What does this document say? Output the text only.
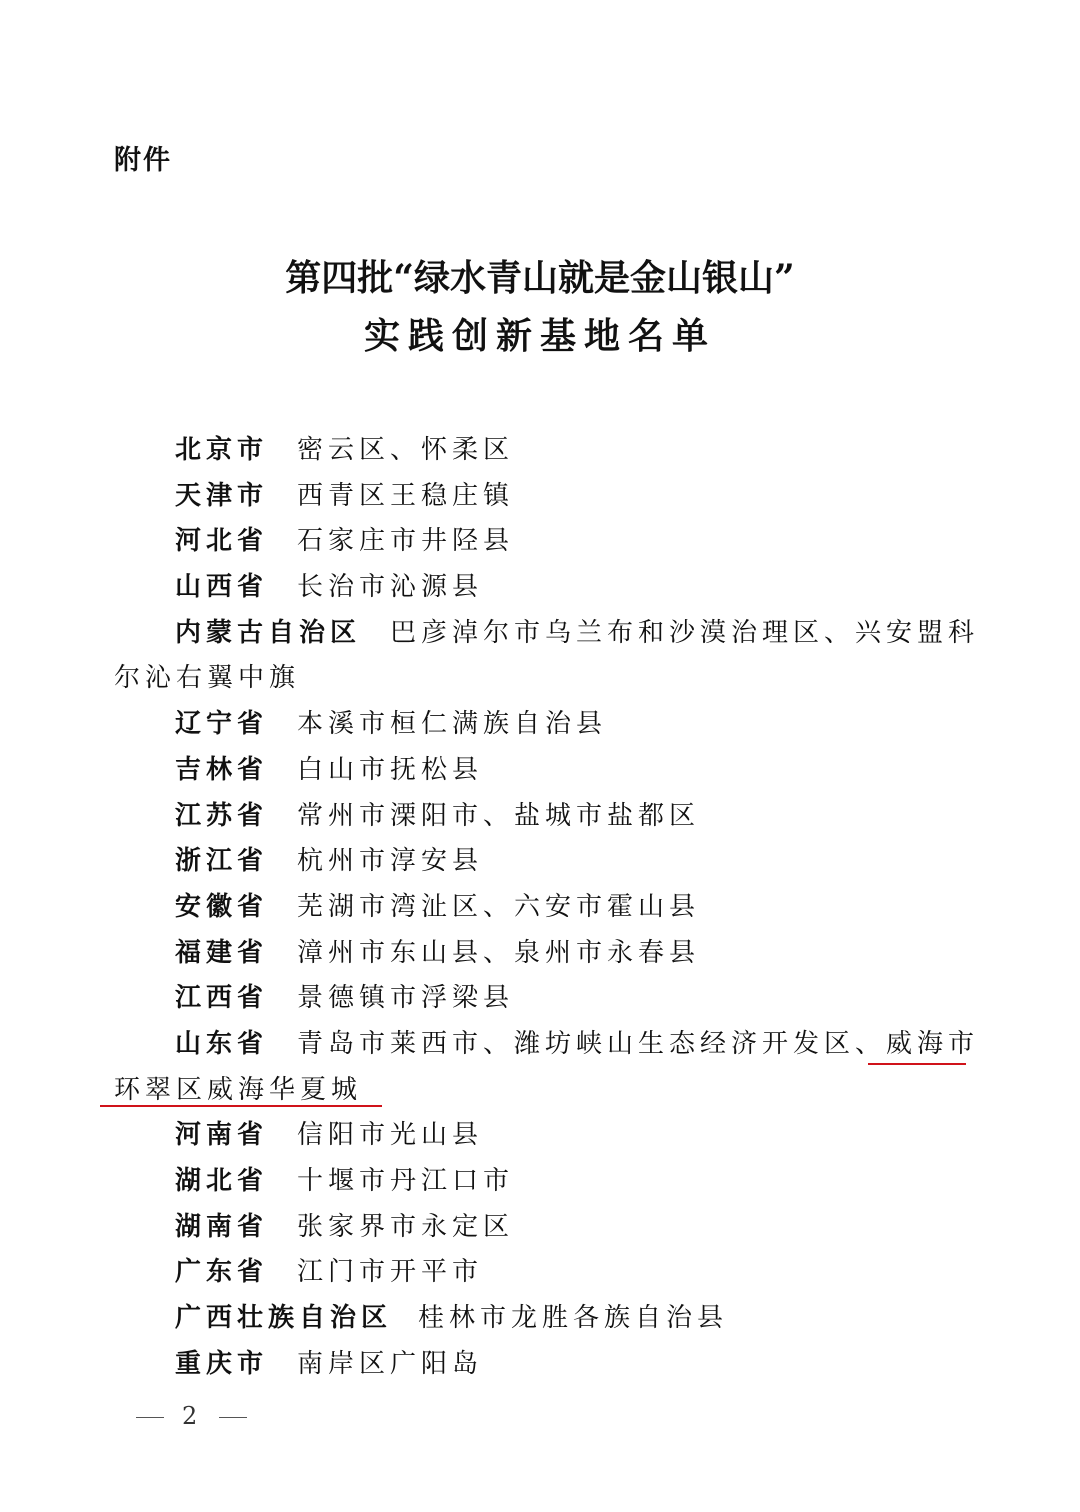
附件
第四批“绿水青山就是金山银山”
实践创新基地名单
北京市 密云区、怀柔区
天津市 西青区王稳庄镇
河北省 石家庄市井陉县
山西省 长治市沁源县
内蒙古自治区 巴彦淖尔市乌兰布和沙漠治理区、兴安盟科
尔沁右翼中旗
辽宁省 本溪市桓仁满族自治县
吉林省 白山市抚松县
江苏省 常州市溧阳市、盐城市盐都区
浙江省 杭州市淳安县
安徽省 芜湖市湾沚区、六安市霍山县
福建省 漳州市东山县、泉州市永春县
江西省 景德镇市浮梁县
山东省 青岛市莱西市、潍坊峡山生态经济开发区、威海市
环翠区威海华夏城
河南省 信阳市光山县
湖北省 十堰市丹江口市
湖南省 张家界市永定区
广东省 江门市开平市
广西壮族自治区 桂林市龙胜各族自治县
重庆市 南岸区广阳岛
2
